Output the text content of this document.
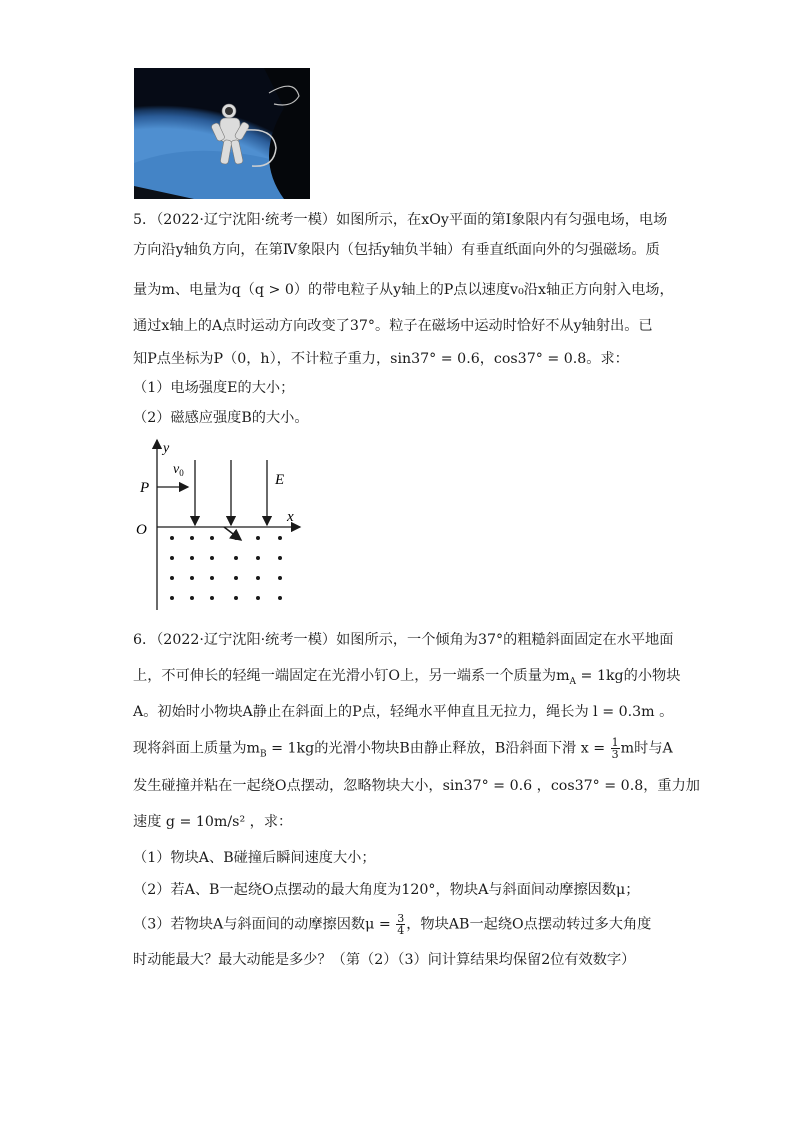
5．（2022·辽宁沈阳·统考一模）如图所示，在xOy平面的第Ⅰ象限内有匀强电场，电场
方向沿y轴负方向，在第Ⅳ象限内（包括y轴负半轴）有垂直纸面向外的匀强磁场。质
量为m、电量为q（q > 0）的带电粒子从y轴上的P点以速度v₀沿x轴正方向射入电场，
通过x轴上的A点时运动方向改变了37°。粒子在磁场中运动时恰好不从y轴射出。已
知P点坐标为P（0，h），不计粒子重力，sin37° = 0.6，cos37° = 0.8。求：
（1）电场强度E的大小；
（2）磁感应强度B的大小。
y
x
O
P
$v_0$	E
6．（2022·辽宁沈阳·统考一模）如图所示，一个倾角为37°的粗糙斜面固定在水平地面
上，不可伸长的轻绳一端固定在光滑小钉O上，另一端系一个质量为$m_A = 1kg$的小物块
A。初始时小物块A静止在斜面上的P点，轻绳水平伸直且无拉力，绳长为 l = 0.3m 。
现将斜面上质量为$m_B = 1kg$的光滑小物块B由静止释放，B沿斜面下滑 $x = \frac{1}{3}$ m时与A
发生碰撞并粘在一起绕O点摆动，忽略物块大小，sin37° = 0.6 ，cos37° = 0.8，重力加
速度 g = 10m/s² ，求：
（1）物块A、B碰撞后瞬间速度大小；
（2）若A、B一起绕O点摆动的最大角度为120°，物块A与斜面间动摩擦因数μ；
（3）若物块A与斜面间的动摩擦因数$\mu = \frac{3}{4}$ ，物块AB一起绕O点摆动转过多大角度
时动能最大？最大动能是多少？（第（2）（3）问计算结果均保留2位有效数字）
